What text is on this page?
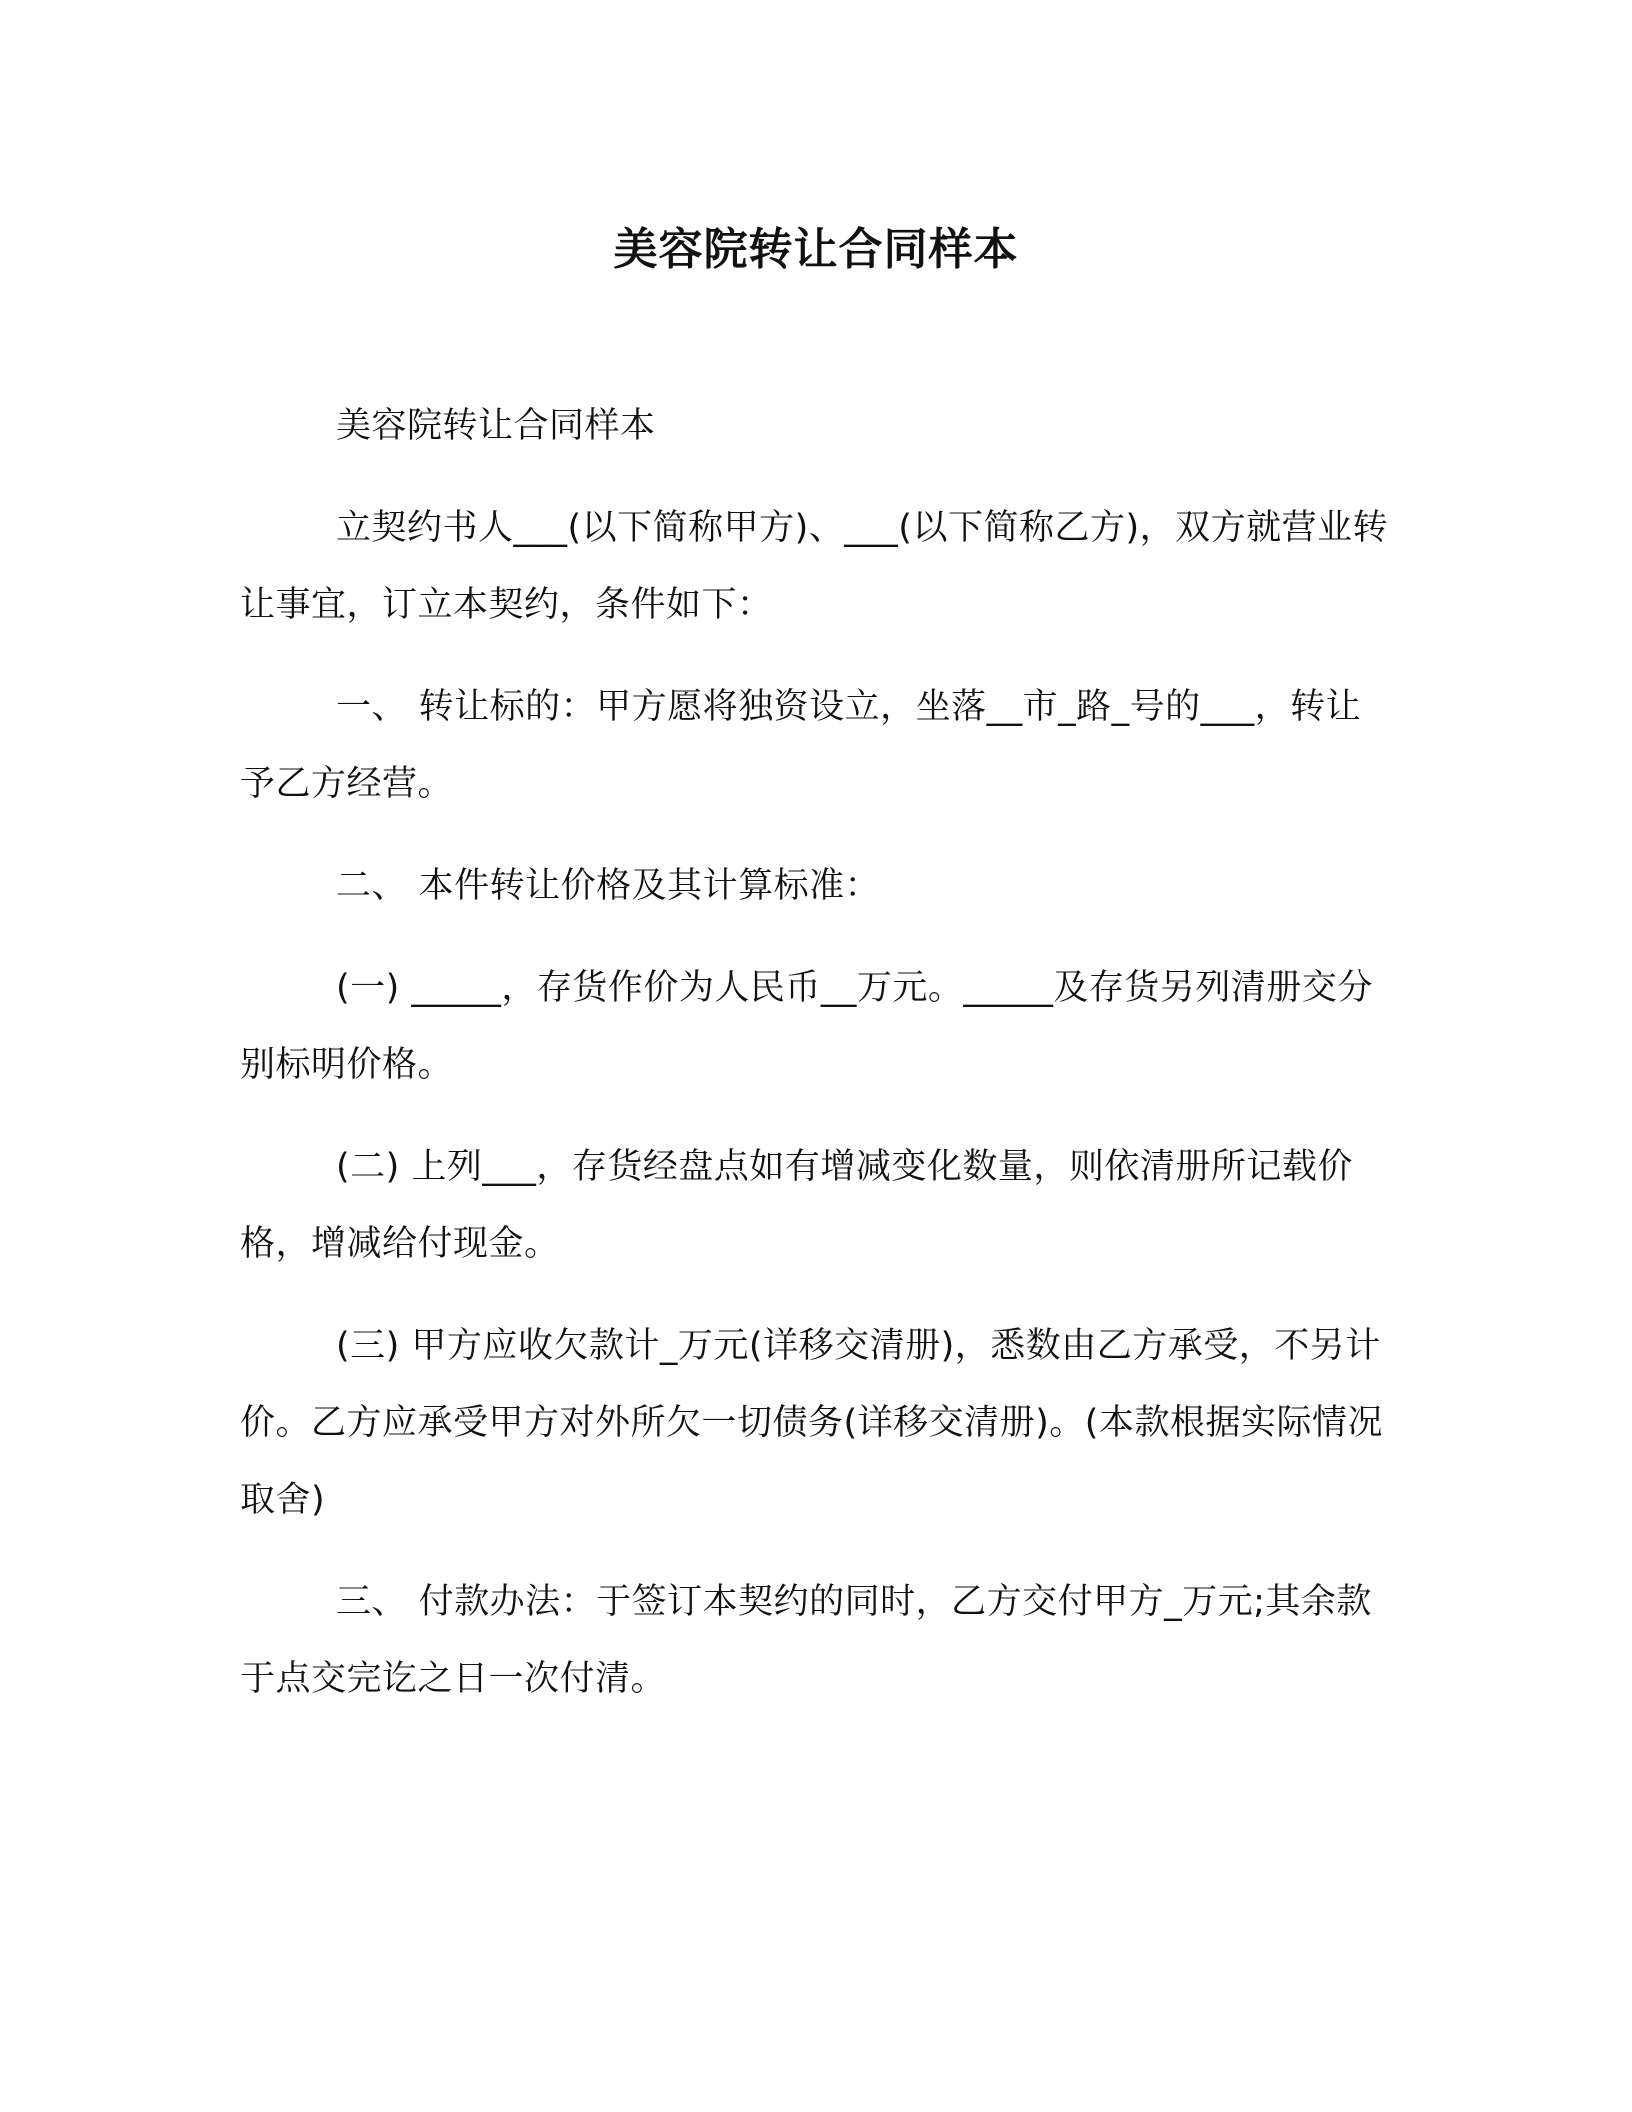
美容院转让合同样本

美容院转让合同样本

立契约书人___(以下简称甲方)、___(以下简称乙方)，双方就营业转让事宜，订立本契约，条件如下：

一、 转让标的：甲方愿将独资设立，坐落__市_路_号的___，转让予乙方经营。

二、 本件转让价格及其计算标准：

(一) _____，存货作价为人民币__万元。_____及存货另列清册交分别标明价格。

(二) 上列___，存货经盘点如有增减变化数量，则依清册所记载价格，增减给付现金。

(三) 甲方应收欠款计_万元(详移交清册)，悉数由乙方承受，不另计价。乙方应承受甲方对外所欠一切债务(详移交清册)。(本款根据实际情况取舍)

三、 付款办法：于签订本契约的同时，乙方交付甲方_万元;其余款于点交完讫之日一次付清。
